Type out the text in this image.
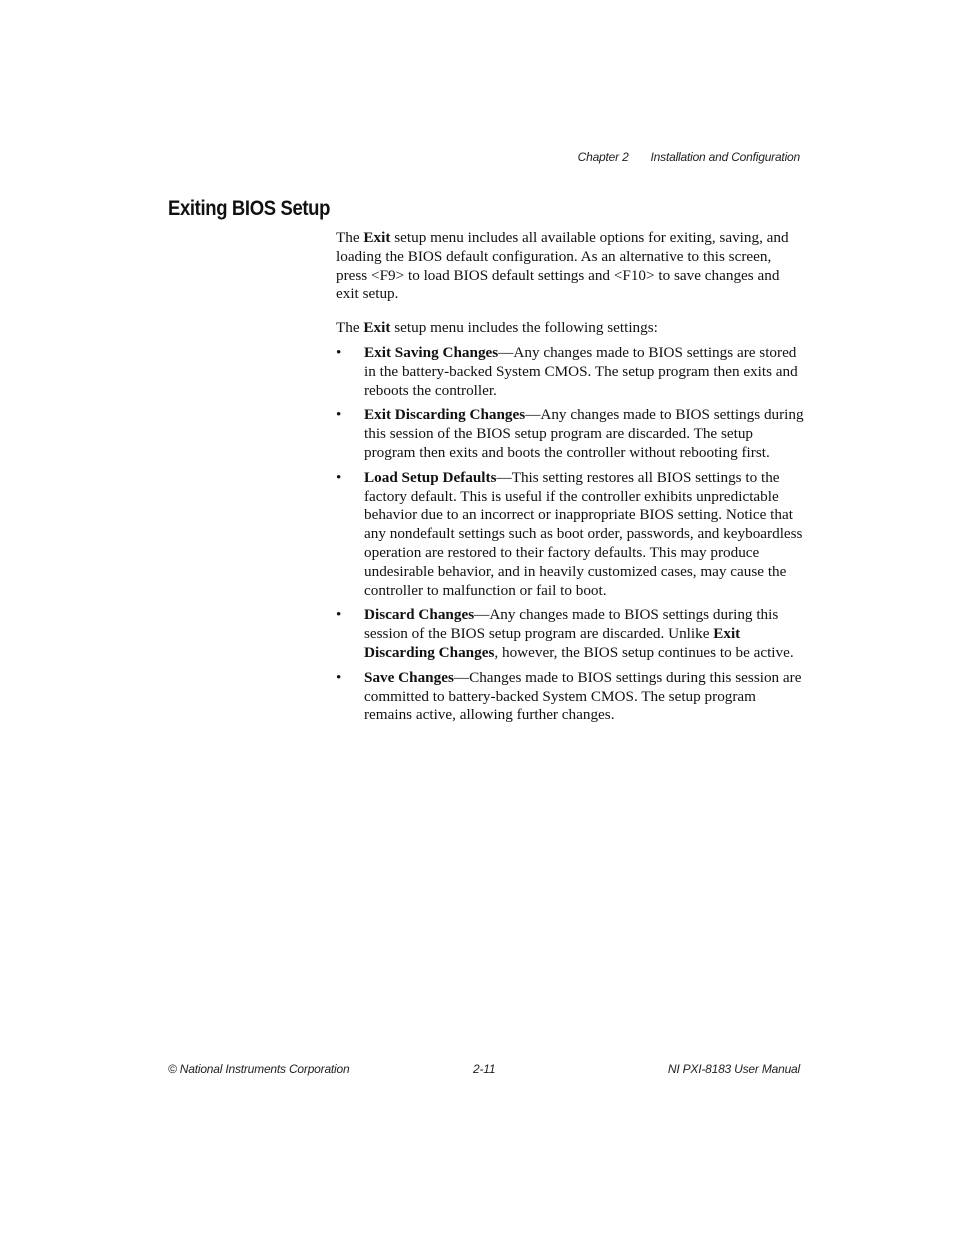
Chapter 2 Installation and Configuration
Exiting BIOS Setup

The Exit setup menu includes all available options for exiting, saving, and loading the BIOS default configuration. As an alternative to this screen, press <F9> to load BIOS default settings and <F10> to save changes and exit setup.

The Exit setup menu includes the following settings:

• Exit Saving Changes—Any changes made to BIOS settings are stored in the battery-backed System CMOS. The setup program then exits and reboots the controller.
• Exit Discarding Changes—Any changes made to BIOS settings during this session of the BIOS setup program are discarded. The setup program then exits and boots the controller without rebooting first.
• Load Setup Defaults—This setting restores all BIOS settings to the factory default. This is useful if the controller exhibits unpredictable behavior due to an incorrect or inappropriate BIOS setting. Notice that any nondefault settings such as boot order, passwords, and keyboardless operation are restored to their factory defaults. This may produce undesirable behavior, and in heavily customized cases, may cause the controller to malfunction or fail to boot.
• Discard Changes—Any changes made to BIOS settings during this session of the BIOS setup program are discarded. Unlike Exit Discarding Changes, however, the BIOS setup continues to be active.
• Save Changes—Changes made to BIOS settings during this session are committed to battery-backed System CMOS. The setup program remains active, allowing further changes.
© National Instruments Corporation	2-11	NI PXI-8183 User Manual
